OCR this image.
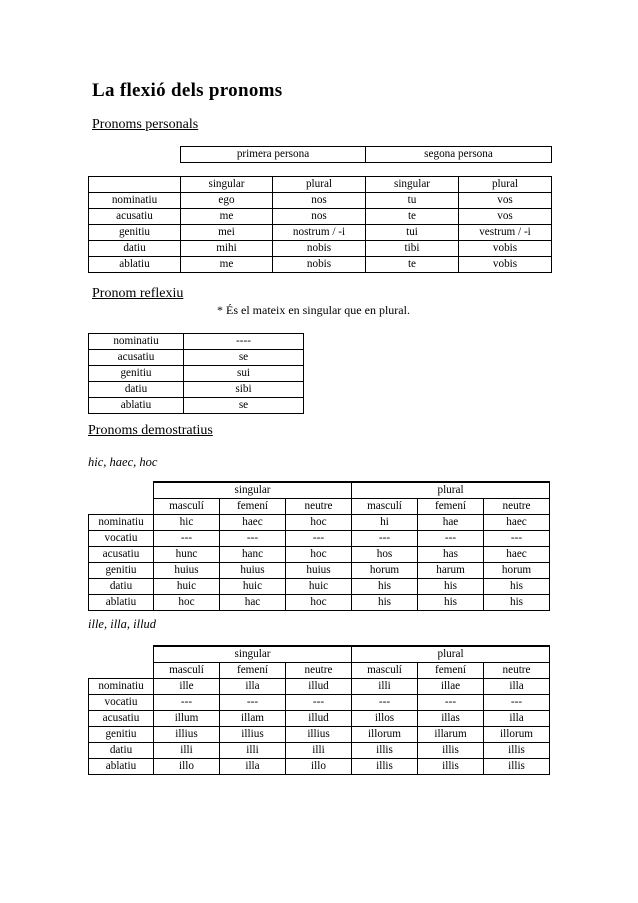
La flexió dels pronoms
Pronoms personals
primera persona	segona persona
	singular	plural	singular	plural
nominatiu	ego	nos	tu	vos
acusatiu	me	nos	te	vos
genitiu	mei	nostrum / -i	tui	vestrum / -i
datiu	mihi	nobis	tibi	vobis
ablatiu	me	nobis	te	vobis
Pronom reflexiu
* És el mateix en singular que en plural.
nominatiu	----
acusatiu	se
genitiu	sui
datiu	sibi
ablatiu	se
Pronoms demostratius
hic, haec, hoc
	singular			plural		
	masculí	femení	neutre	masculí	femení	neutre
nominatiu	hic	haec	hoc	hi	hae	haec
vocatiu	---	---	---	---	---	---
acusatiu	hunc	hanc	hoc	hos	has	haec
genitiu	huius	huius	huius	horum	harum	horum
datiu	huic	huic	huic	his	his	his
ablatiu	hoc	hac	hoc	his	his	his
ille, illa, illud
	singular			plural		
	masculí	femení	neutre	masculí	femení	neutre
nominatiu	ille	illa	illud	illi	illae	illa
vocatiu	---	---	---	---	---	---
acusatiu	illum	illam	illud	illos	illas	illa
genitiu	illius	illius	illius	illorum	illarum	illorum
datiu	illi	illi	illi	illis	illis	illis
ablatiu	illo	illa	illo	illis	illis	illis
